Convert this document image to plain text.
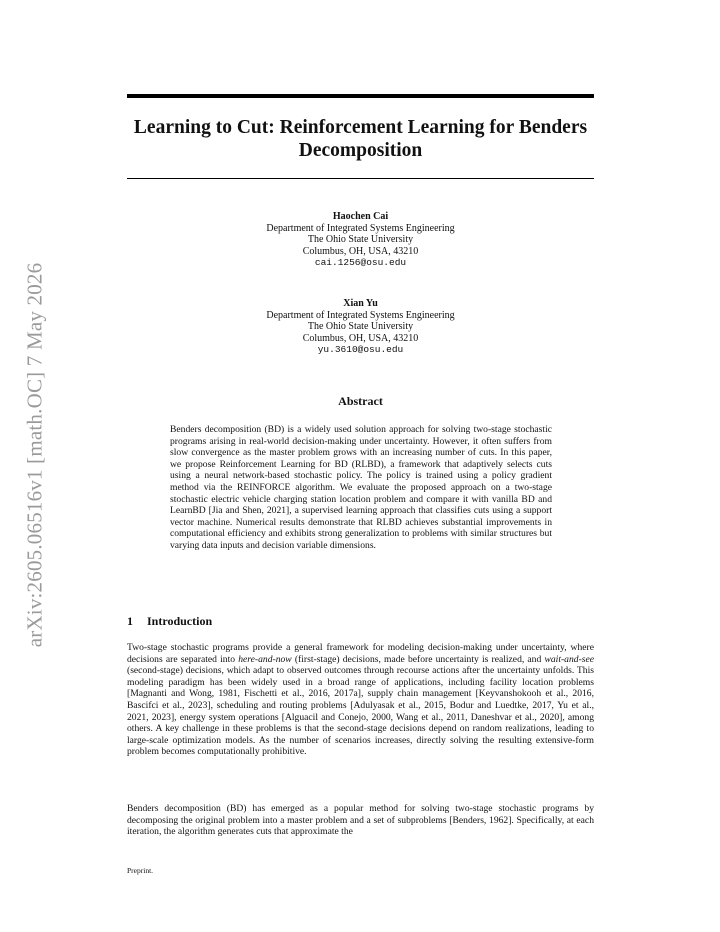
arXiv:2605.06516v1 [math.OC] 7 May 2026
Learning to Cut: Reinforcement Learning for Benders
Decomposition
Haochen Cai
Department of Integrated Systems Engineering
The Ohio State University
Columbus, OH, USA, 43210
cai.1256@osu.edu
Xian Yu
Department of Integrated Systems Engineering
The Ohio State University
Columbus, OH, USA, 43210
yu.3610@osu.edu
Abstract
Benders decomposition (BD) is a widely used solution approach for solving two-stage stochastic programs arising in real-world decision-making under uncertainty. However, it often suffers from slow convergence as the master problem grows with an increasing number of cuts. In this paper, we propose Reinforcement Learning for BD (RLBD), a framework that adaptively selects cuts using a neural network-based stochastic policy. The policy is trained using a policy gradient method via the REINFORCE algorithm. We evaluate the proposed approach on a two-stage stochastic electric vehicle charging station location problem and compare it with vanilla BD and LearnBD [Jia and Shen, 2021], a supervised learning approach that classifies cuts using a support vector machine. Numerical results demonstrate that RLBD achieves substantial improvements in computational efficiency and exhibits strong generalization to problems with similar structures but varying data inputs and decision variable dimensions.
1 Introduction
Two-stage stochastic programs provide a general framework for modeling decision-making under uncertainty, where decisions are separated into here-and-now (first-stage) decisions, made before uncertainty is realized, and wait-and-see (second-stage) decisions, which adapt to observed outcomes through recourse actions after the uncertainty unfolds. This modeling paradigm has been widely used in a broad range of applications, including facility location problems [Magnanti and Wong, 1981, Fischetti et al., 2016, 2017a], supply chain management [Keyvanshokooh et al., 2016, Bascifci et al., 2023], scheduling and routing problems [Adulyasak et al., 2015, Bodur and Luedtke, 2017, Yu et al., 2021, 2023], energy system operations [Alguacil and Conejo, 2000, Wang et al., 2011, Daneshvar et al., 2020], among others. A key challenge in these problems is that the second-stage decisions depend on random realizations, leading to large-scale optimization models. As the number of scenarios increases, directly solving the resulting extensive-form problem becomes computationally prohibitive.
Benders decomposition (BD) has emerged as a popular method for solving two-stage stochastic programs by decomposing the original problem into a master problem and a set of subproblems [Benders, 1962]. Specifically, at each iteration, the algorithm generates cuts that approximate the
Preprint.
